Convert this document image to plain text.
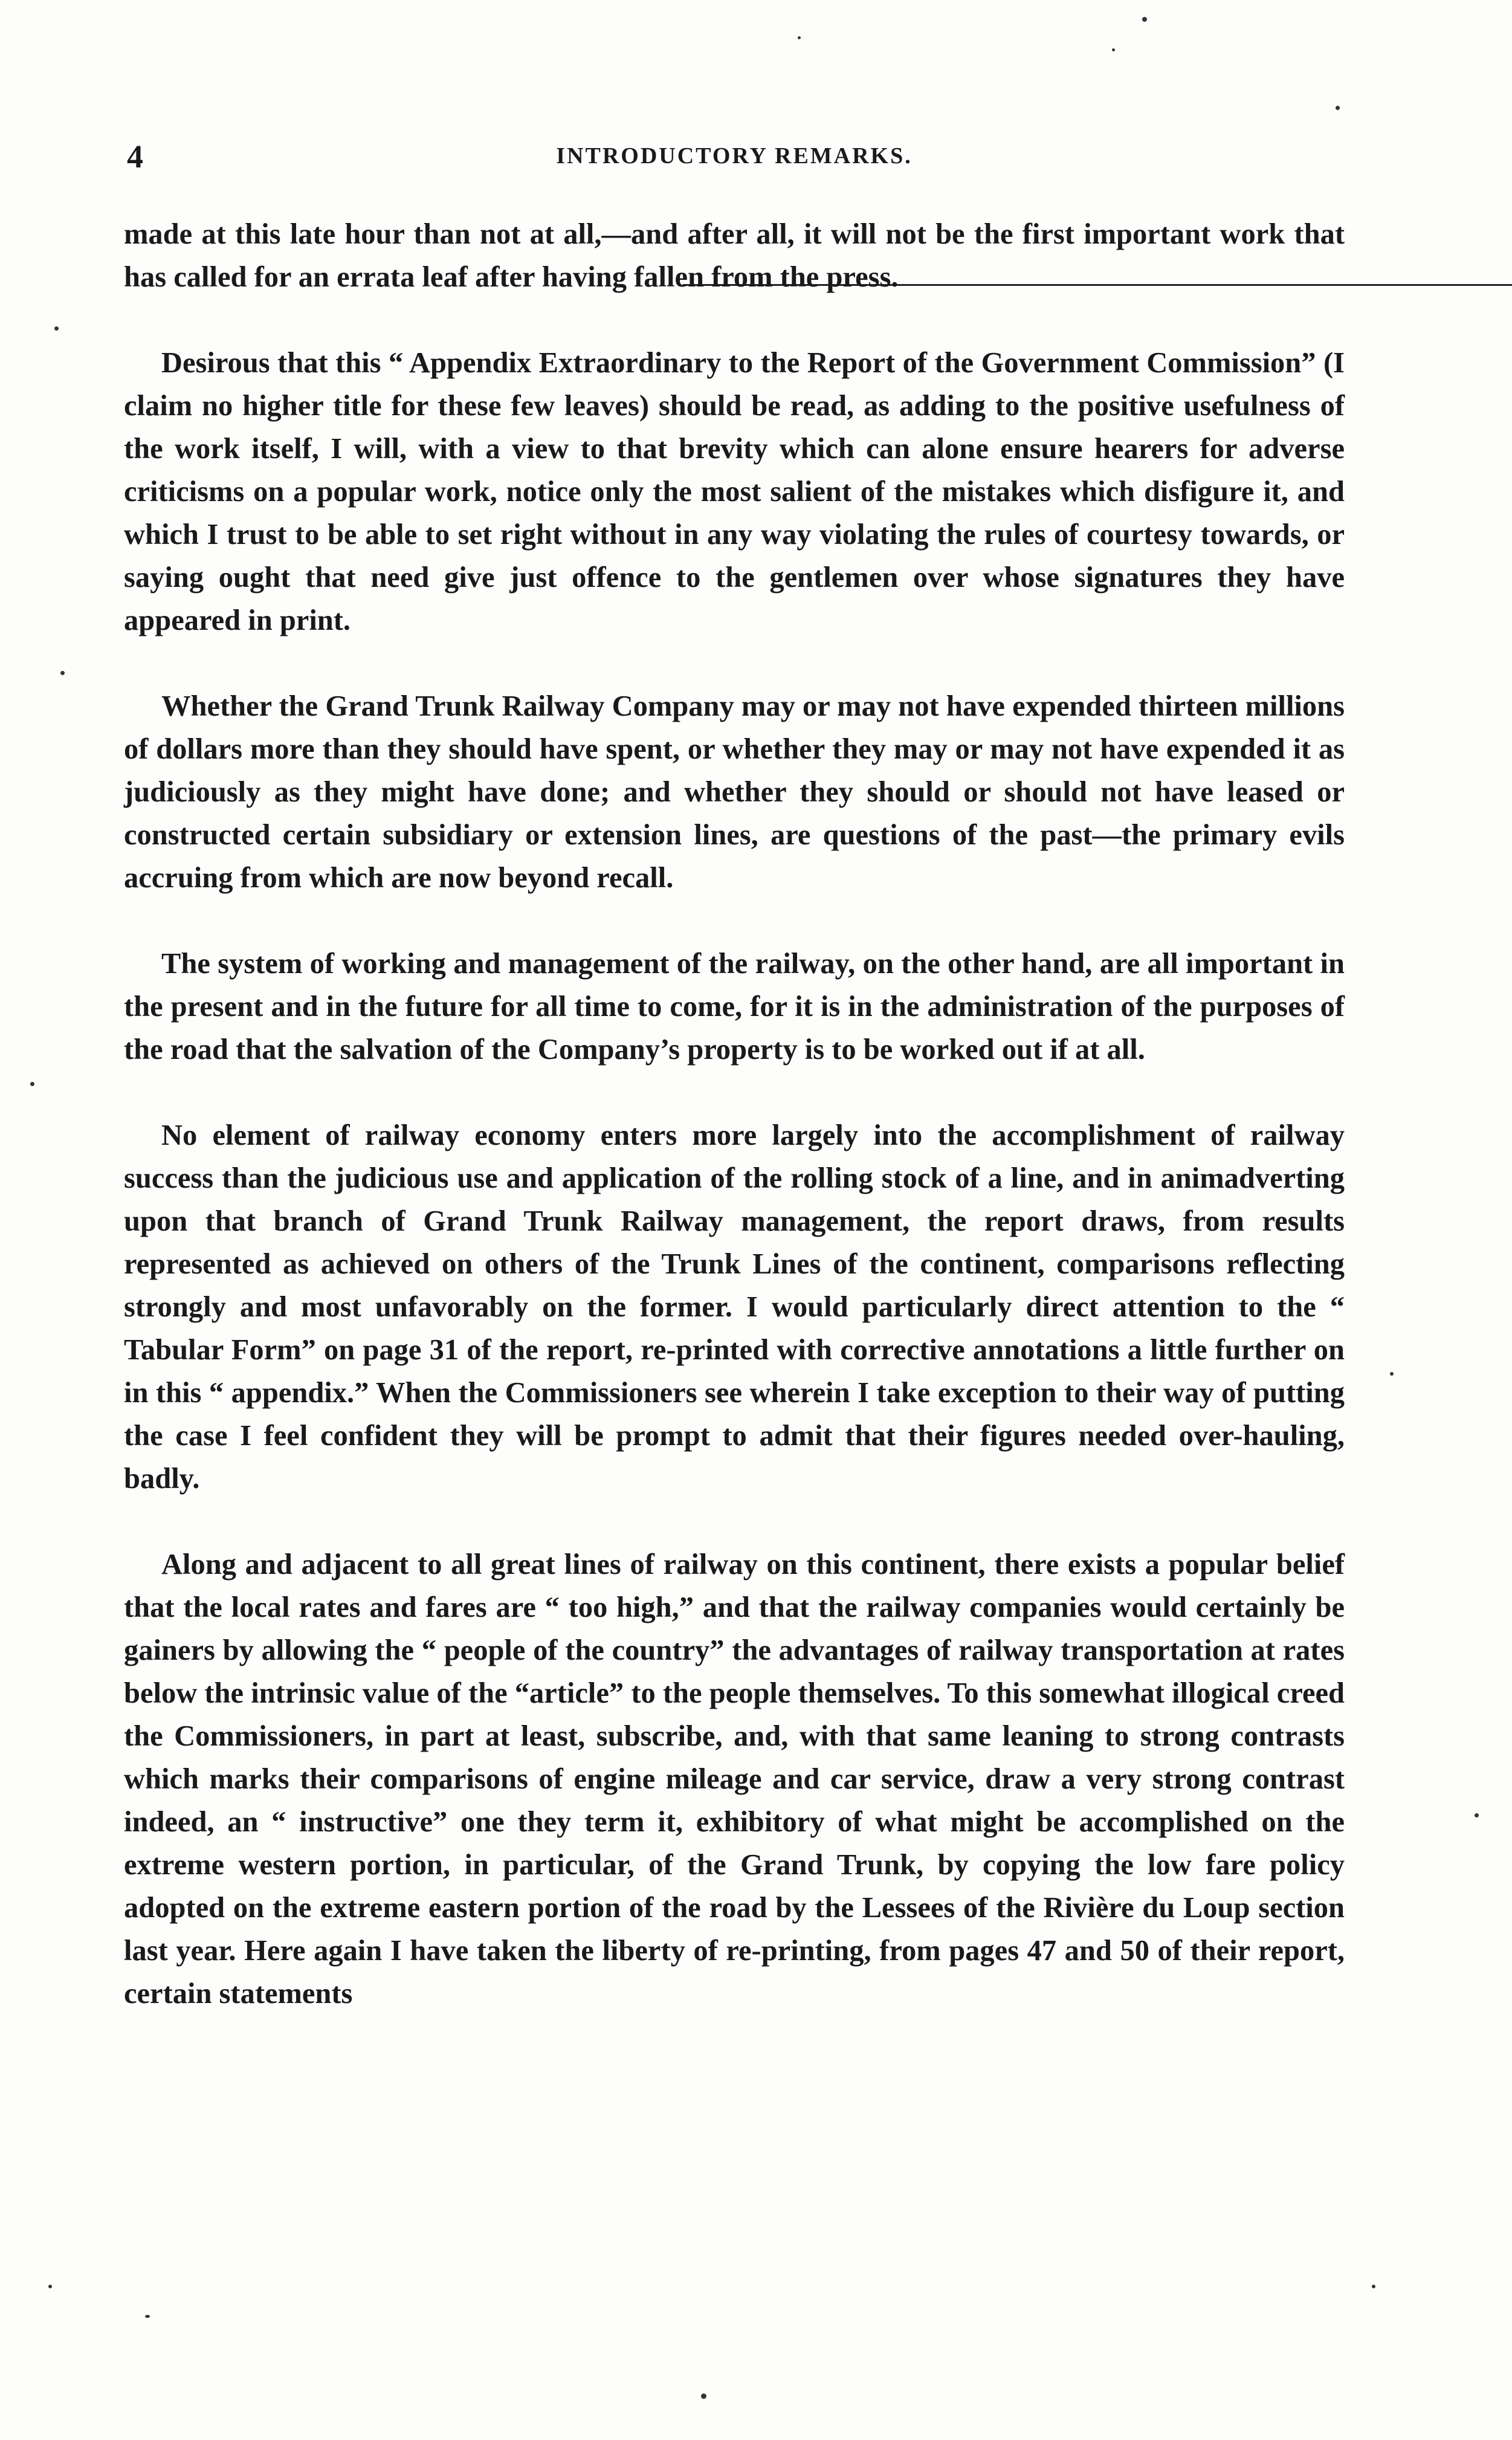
4	INTRODUCTORY REMARKS.

made at this late hour than not at all,—and after all, it will not be the first important work that has called for an errata leaf after having fallen from the press.

Desirous that this “ Appendix Extraordinary to the Report of the Government Commission” (I claim no higher title for these few leaves) should be read, as adding to the positive usefulness of the work itself, I will, with a view to that brevity which can alone ensure hearers for adverse criticisms on a popular work, notice only the most salient of the mistakes which disfigure it, and which I trust to be able to set right without in any way violating the rules of courtesy towards, or saying ought that need give just offence to the gentlemen over whose signatures they have appeared in print.

Whether the Grand Trunk Railway Company may or may not have expended thirteen millions of dollars more than they should have spent, or whether they may or may not have expended it as judiciously as they might have done; and whether they should or should not have leased or constructed certain subsidiary or extension lines, are questions of the past—the primary evils accruing from which are now beyond recall.

The system of working and management of the railway, on the other hand, are all important in the present and in the future for all time to come, for it is in the administration of the purposes of the road that the salvation of the Company’s property is to be worked out if at all.

No element of railway economy enters more largely into the accomplishment of railway success than the judicious use and application of the rolling stock of a line, and in animadverting upon that branch of Grand Trunk Railway management, the report draws, from results represented as achieved on others of the Trunk Lines of the continent, comparisons reflecting strongly and most unfavorably on the former. I would particularly direct attention to the “ Tabular Form” on page 31 of the report, re-printed with corrective annotations a little further on in this “ appendix.” When the Commissioners see wherein I take exception to their way of putting the case I feel confident they will be prompt to admit that their figures needed over-hauling, badly.

Along and adjacent to all great lines of railway on this continent, there exists a popular belief that the local rates and fares are “ too high,” and that the railway companies would certainly be gainers by allowing the “ people of the country” the advantages of railway transportation at rates below the intrinsic value of the “article” to the people themselves. To this somewhat illogical creed the Commissioners, in part at least, subscribe, and, with that same leaning to strong contrasts which marks their comparisons of engine mileage and car service, draw a very strong contrast indeed, an “ instructive” one they term it, exhibitory of what might be accomplished on the extreme western portion, in particular, of the Grand Trunk, by copying the low fare policy adopted on the extreme eastern portion of the road by the Lessees of the Rivière du Loup section last year. Here again I have taken the liberty of re-printing, from pages 47 and 50 of their report, certain statements
